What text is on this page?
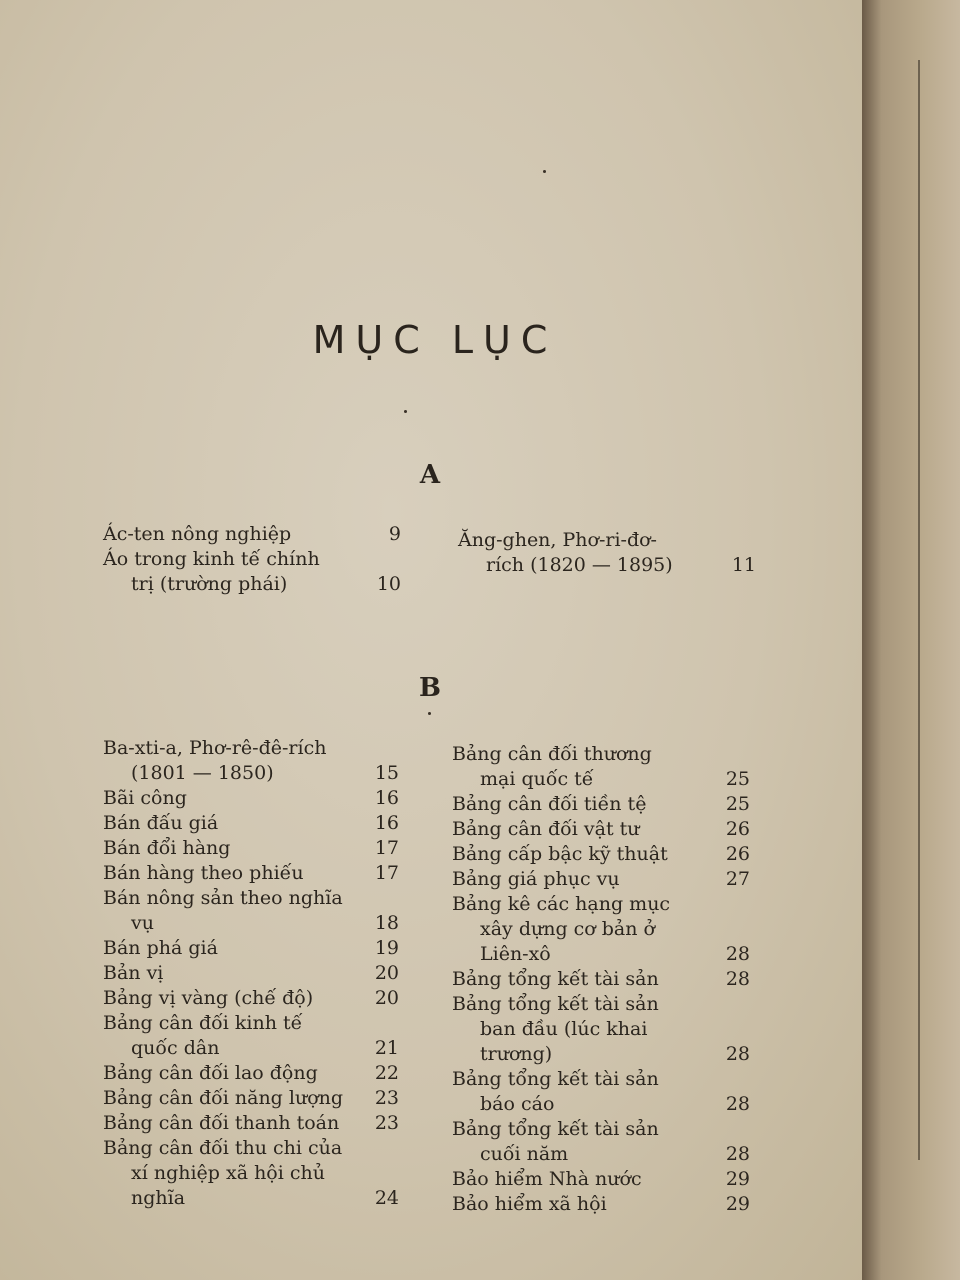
MỤC LỤC
A
Ác-ten nông nghiệp	9
Áo trong kinh tế chính
trị (trường phái)	10
Ăng-ghen, Phơ-ri-đơ-
rích (1820 — 1895)	11
B
Ba-xti-a, Phơ-rê-đê-rích
(1801 — 1850)	15
Bãi công	16
Bán đấu giá	16
Bán đổi hàng	17
Bán hàng theo phiếu	17
Bán nông sản theo nghĩa
vụ	18
Bán phá giá	19
Bản vị	20
Bảng vị vàng (chế độ)	20
Bảng cân đối kinh tế
quốc dân	21
Bảng cân đối lao động	22
Bảng cân đối năng lượng	23
Bảng cân đối thanh toán	23
Bảng cân đối thu chi của
xí nghiệp xã hội chủ
nghĩa	24
Bảng cân đối thương
mại quốc tế	25
Bảng cân đối tiền tệ	25
Bảng cân đối vật tư	26
Bảng cấp bậc kỹ thuật	26
Bảng giá phục vụ	27
Bảng kê các hạng mục
xây dựng cơ bản ở
Liên-xô	28
Bảng tổng kết tài sản	28
Bảng tổng kết tài sản
ban đầu (lúc khai
trương)	28
Bảng tổng kết tài sản
báo cáo	28
Bảng tổng kết tài sản
cuối năm	28
Bảo hiểm Nhà nước	29
Bảo hiểm xã hội	29
